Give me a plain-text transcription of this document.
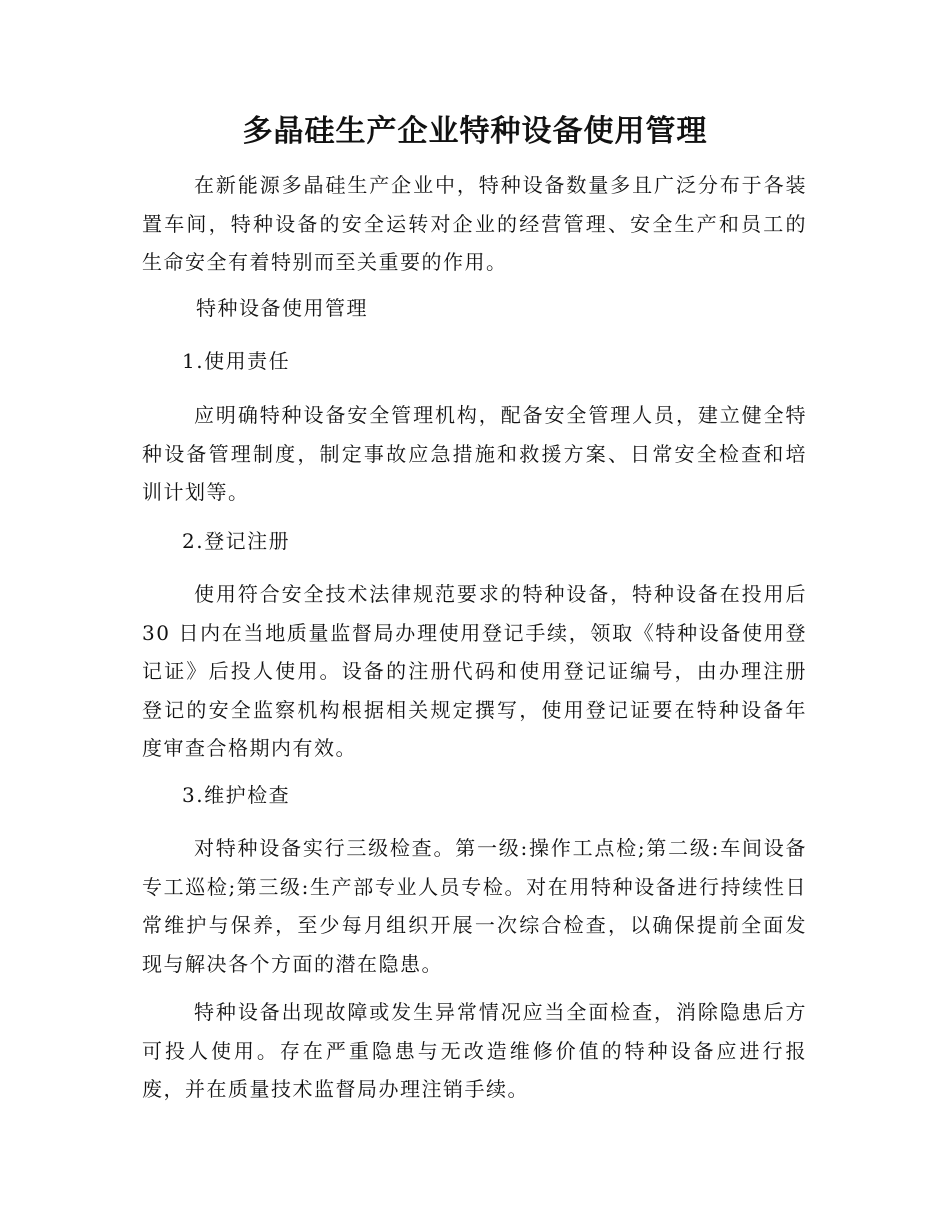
多晶硅生产企业特种设备使用管理

在新能源多晶硅生产企业中，特种设备数量多且广泛分布于各装置车间，特种设备的安全运转对企业的经营管理、安全生产和员工的生命安全有着特别而至关重要的作用。

特种设备使用管理
1.使用责任

应明确特种设备安全管理机构，配备安全管理人员，建立健全特种设备管理制度，制定事故应急措施和救援方案、日常安全检查和培训计划等。

2.登记注册

使用符合安全技术法律规范要求的特种设备，特种设备在投用后30 日内在当地质量监督局办理使用登记手续，领取《特种设备使用登记证》后投人使用。设备的注册代码和使用登记证编号，由办理注册登记的安全监察机构根据相关规定撰写，使用登记证要在特种设备年度审查合格期内有效。

3.维护检查

对特种设备实行三级检查。第一级:操作工点检;第二级:车间设备专工巡检;第三级:生产部专业人员专检。对在用特种设备进行持续性日常维护与保养，至少每月组织开展一次综合检查，以确保提前全面发现与解决各个方面的潜在隐患。

特种设备出现故障或发生异常情况应当全面检查，消除隐患后方可投人使用。存在严重隐患与无改造维修价值的特种设备应进行报废，并在质量技术监督局办理注销手续。
